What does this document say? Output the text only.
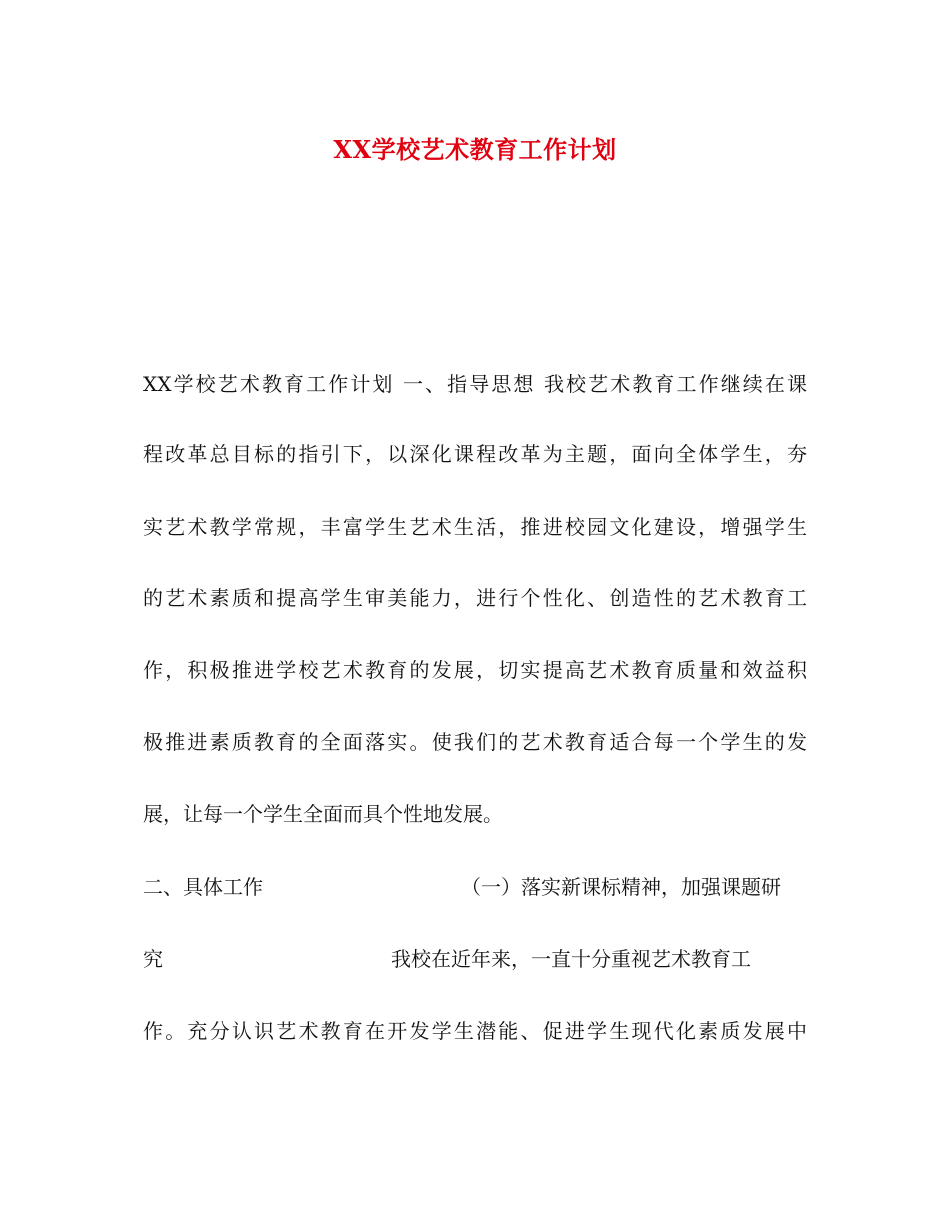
XX学校艺术教育工作计划
XX学校艺术教育工作计划 一、指导思想 我校艺术教育工作继续在课
程改革总目标的指引下，以深化课程改革为主题，面向全体学生，夯
实艺术教学常规，丰富学生艺术生活，推进校园文化建设，增强学生
的艺术素质和提高学生审美能力，进行个性化、创造性的艺术教育工
作，积极推进学校艺术教育的发展，切实提高艺术教育质量和效益积
极推进素质教育的全面落实。使我们的艺术教育适合每一个学生的发
展，让每一个学生全面而具个性地发展。
二、具体工作	（一）落实新课标精神，加强课题研
究	我校在近年来，一直十分重视艺术教育工
作。充分认识艺术教育在开发学生潜能、促进学生现代化素质发展中
